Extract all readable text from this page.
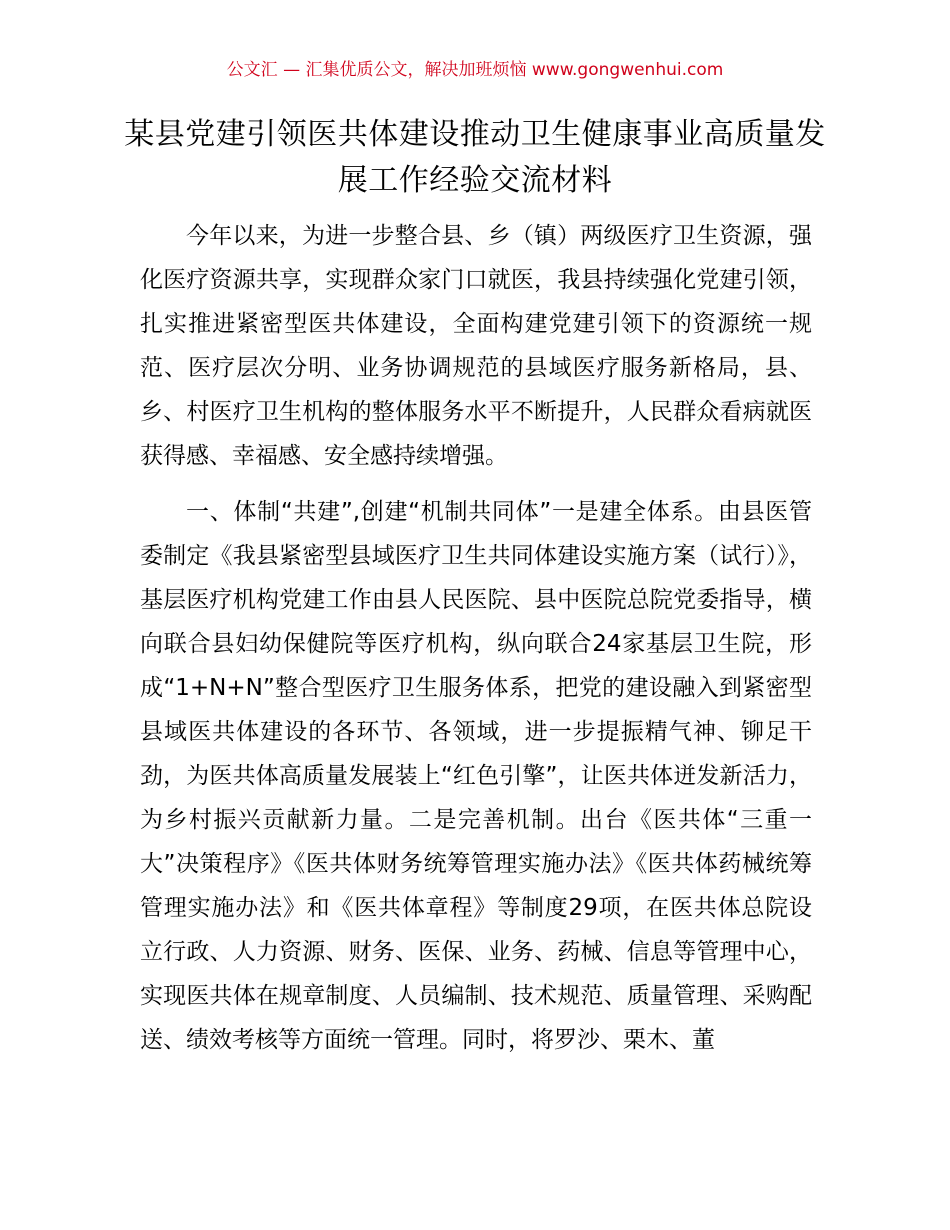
公文汇 — 汇集优质公文，解决加班烦恼 www.gongwenhui.com
某县党建引领医共体建设推动卫生健康事业高质量发展工作经验交流材料

今年以来，为进一步整合县、乡（镇）两级医疗卫生资源，强化医疗资源共享，实现群众家门口就医，我县持续强化党建引领，扎实推进紧密型医共体建设，全面构建党建引领下的资源统一规范、医疗层次分明、业务协调规范的县域医疗服务新格局，县、乡、村医疗卫生机构的整体服务水平不断提升，人民群众看病就医获得感、幸福感、安全感持续增强。

一、体制“共建”,创建“机制共同体”一是建全体系。由县医管委制定《我县紧密型县域医疗卫生共同体建设实施方案（试行）》，基层医疗机构党建工作由县人民医院、县中医院总院党委指导，横向联合县妇幼保健院等医疗机构，纵向联合24家基层卫生院，形成“1+N+N”整合型医疗卫生服务体系，把党的建设融入到紧密型县域医共体建设的各环节、各领域，进一步提振精气神、铆足干劲，为医共体高质量发展装上“红色引擎”，让医共体迸发新活力，为乡村振兴贡献新力量。二是完善机制。出台《医共体“三重一大”决策程序》《医共体财务统筹管理实施办法》《医共体药械统筹管理实施办法》和《医共体章程》等制度29项，在医共体总院设立行政、人力资源、财务、医保、业务、药械、信息等管理中心，实现医共体在规章制度、人员编制、技术规范、质量管理、采购配送、绩效考核等方面统一管理。同时，将罗沙、栗木、董
